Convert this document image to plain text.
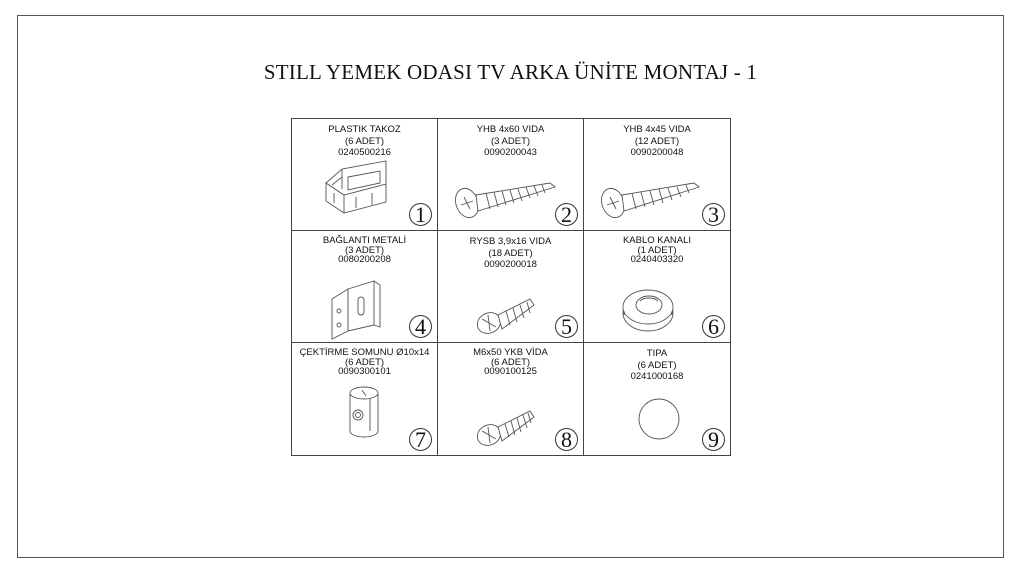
STILL YEMEK ODASI TV ARKA ÜNİTE MONTAJ - 1
PLASTIK TAKOZ
(6 ADET)
0240500216
1
YHB 4x60 VIDA
(3 ADET)
0090200043
2
YHB 4x45 VIDA
(12 ADET)
0090200048
3
BAĞLANTI METALİ
(3 ADET)
0080200208
4
RYSB 3,9x16 VIDA
(18 ADET)
0090200018
5
KABLO KANALI
(1 ADET)
0240403320
6
ÇEKTİRME SOMUNU Ø10x14
(6 ADET)
0090300101
7
M6x50 YKB VİDA
(6 ADET)
0090100125
8
TIPA
(6 ADET)
0241000168
9
